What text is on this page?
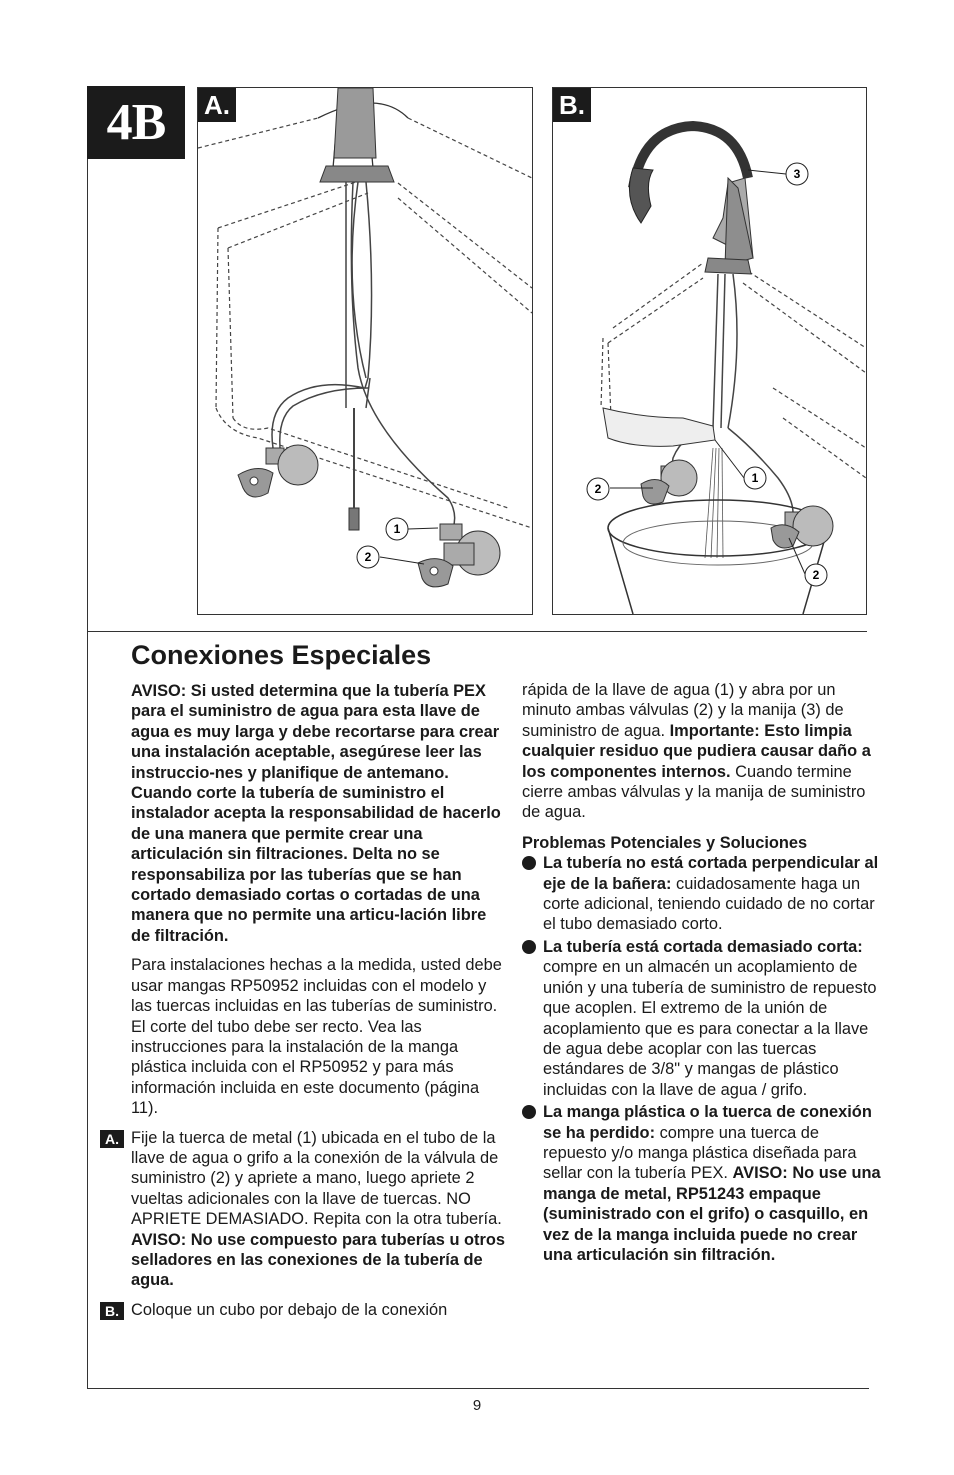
4B
1
2
A.
3
2
1
2
B.
Conexiones Especiales

AVISO: Si usted determina que la tubería PEX para el suministro de agua para esta llave de agua es muy larga y debe recortarse para crear una instalación aceptable, asegúrese leer las instruccio-nes y planifique de antemano. Cuando corte la tubería de suministro el instalador acepta la responsabilidad de hacerlo de una manera que permite crear una articulación sin filtraciones. Delta no se responsabiliza por las tuberías que se han cortado demasiado cortas o cortadas de una manera que no permite una articu-lación libre de filtración.

Para instalaciones hechas a la medida, usted debe usar mangas RP50952 incluidas con el modelo y las tuercas incluidas en las tuberías de suministro. El corte del tubo debe ser recto. Vea las instrucciones para la instalación de la manga plástica incluida con el RP50952 y para más información incluida en este documento (página 11).

A. Fije la tuerca de metal (1) ubicada en el tubo de la llave de agua o grifo a la conexión de la válvula de suministro (2) y apriete a mano, luego apriete 2 vueltas adicionales con la llave de tuercas. NO APRIETE DEMASIADO. Repita con la otra tubería. AVISO: No use compuesto para tuberías u otros selladores en las conexiones de la tubería de agua.

B. Coloque un cubo por debajo de la conexión

rápida de la llave de agua (1) y abra por un minuto ambas válvulas (2) y la manija (3) de suministro de agua. Importante: Esto limpia cualquier residuo que pudiera causar daño a los componentes internos. Cuando termine cierre ambas válvulas y la manija de suministro de agua.

Problemas Potenciales y Soluciones

La tubería no está cortada perpendicular al eje de la bañera: cuidadosamente haga un corte adicional, teniendo cuidado de no cortar el tubo demasiado corto.

La tubería está cortada demasiado corta: compre en un almacén un acoplamiento de unión y una tubería de suministro de repuesto que acoplen. El extremo de la unión de acoplamiento que es para conectar a la llave de agua debe acoplar con las tuercas estándares de 3/8" y mangas de plástico incluidas con la llave de agua / grifo.

La manga plástica o la tuerca de conexión se ha perdido: compre una tuerca de repuesto y/o manga plástica diseñada para sellar con la tubería PEX. AVISO: No use una manga de metal, RP51243 empaque (suministrado con el grifo) o casquillo, en vez de la manga incluida puede no crear una articulación sin filtración.

9
